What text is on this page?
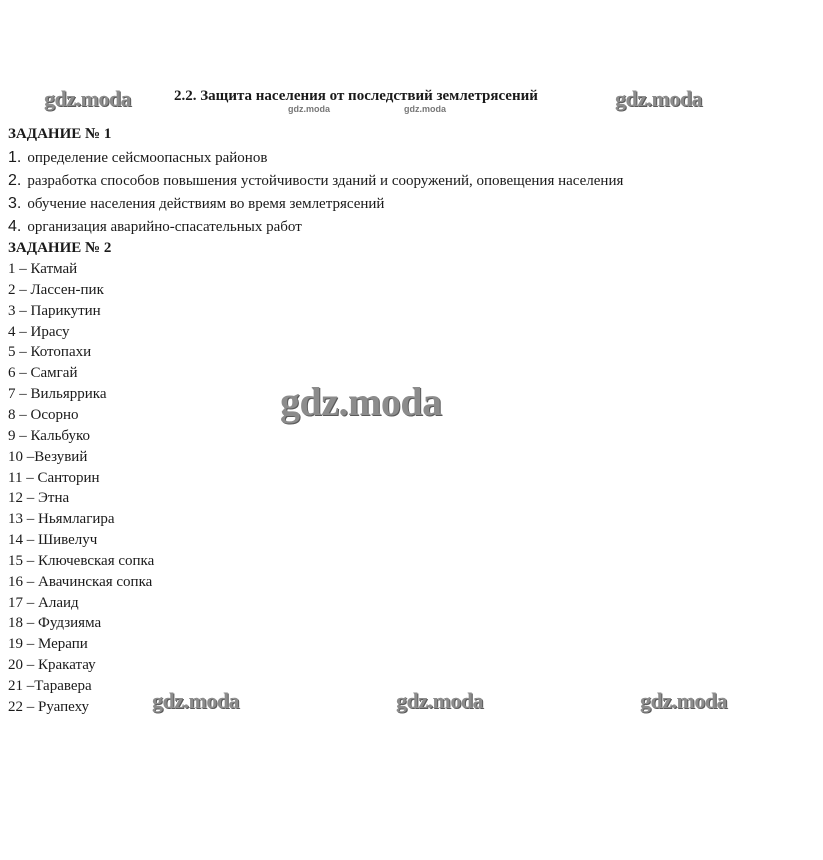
2.2. Защита населения от последствий землетрясений
gdz.moda	gdz.moda
gdz.moda	gdz.moda
gdz.moda
gdz.moda	gdz.moda	gdz.moda
ЗАДАНИЕ № 1
1. определение сейсмоопасных районов
2. разработка способов повышения устойчивости зданий и сооружений, оповещения населения
3. обучение населения действиям во время землетрясений
4. организация аварийно-спасательных работ
ЗАДАНИЕ № 2
1 – Катмай
2 – Лассен-пик
3 – Парикутин
4 – Ирасу
5 – Котопахи
6 – Самгай
7 – Вильяррика
8 – Осорно
9 – Кальбуко
10 –Везувий
11 – Санторин
12 – Этна
13 – Ньямлагира
14 – Шивелуч
15 – Ключевская сопка
16 – Авачинская сопка
17 – Алаид
18 – Фудзияма
19 – Мерапи
20 – Кракатау
21 –Таравера
22 – Руапеху
